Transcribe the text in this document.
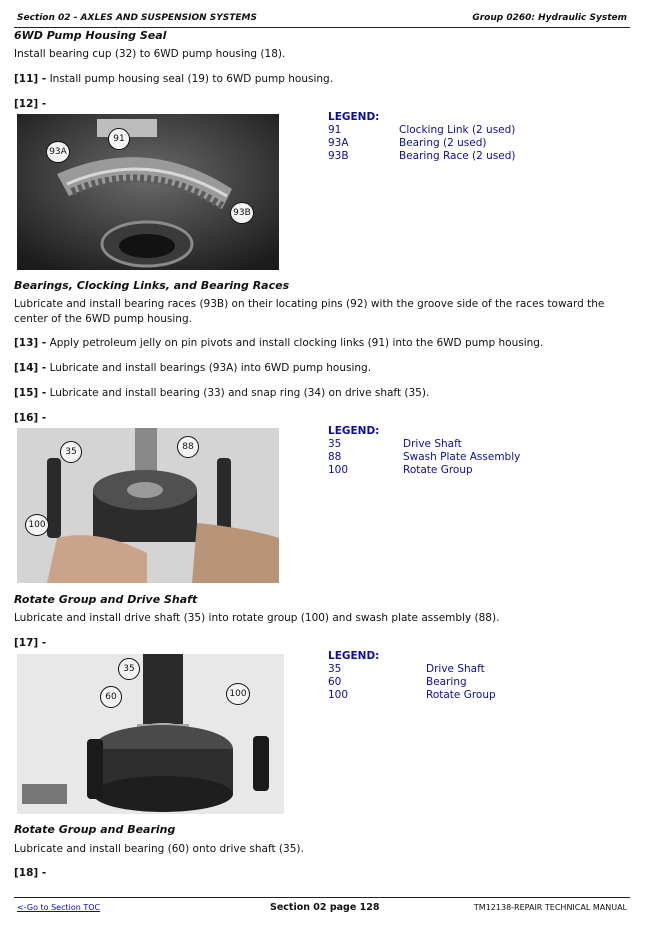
Section 02 - AXLES AND SUSPENSION SYSTEMS	Group 0260: Hydraulic System
6WD Pump Housing Seal
Install bearing cup (32) to 6WD pump housing (18).
[11] - Install pump housing seal (19) to 6WD pump housing.
[12] -
91
93A
93B
LEGEND:
91	Clocking Link (2 used)
93A	Bearing (2 used)
93B	Bearing Race (2 used)
Bearings, Clocking Links, and Bearing Races
Lubricate and install bearing races (93B) on their locating pins (92) with the groove side of the races toward the center of the 6WD pump housing.
[13] - Apply petroleum jelly on pin pivots and install clocking links (91) into the 6WD pump housing.
[14] - Lubricate and install bearings (93A) into 6WD pump housing.
[15] - Lubricate and install bearing (33) and snap ring (34) on drive shaft (35).
[16] -
35	88
100
LEGEND:
35	Drive Shaft
88	Swash Plate Assembly
100	Rotate Group
Rotate Group and Drive Shaft
Lubricate and install drive shaft (35) into rotate group (100) and swash plate assembly (88).
[17] -
35
60	100
LEGEND:
35	Drive Shaft
60	Bearing
100	Rotate Group
Rotate Group and Bearing
Lubricate and install bearing (60) onto drive shaft (35).
[18] -
<-Go to Section TOC	Section 02 page 128	TM12138-REPAIR TECHNICAL MANUAL
